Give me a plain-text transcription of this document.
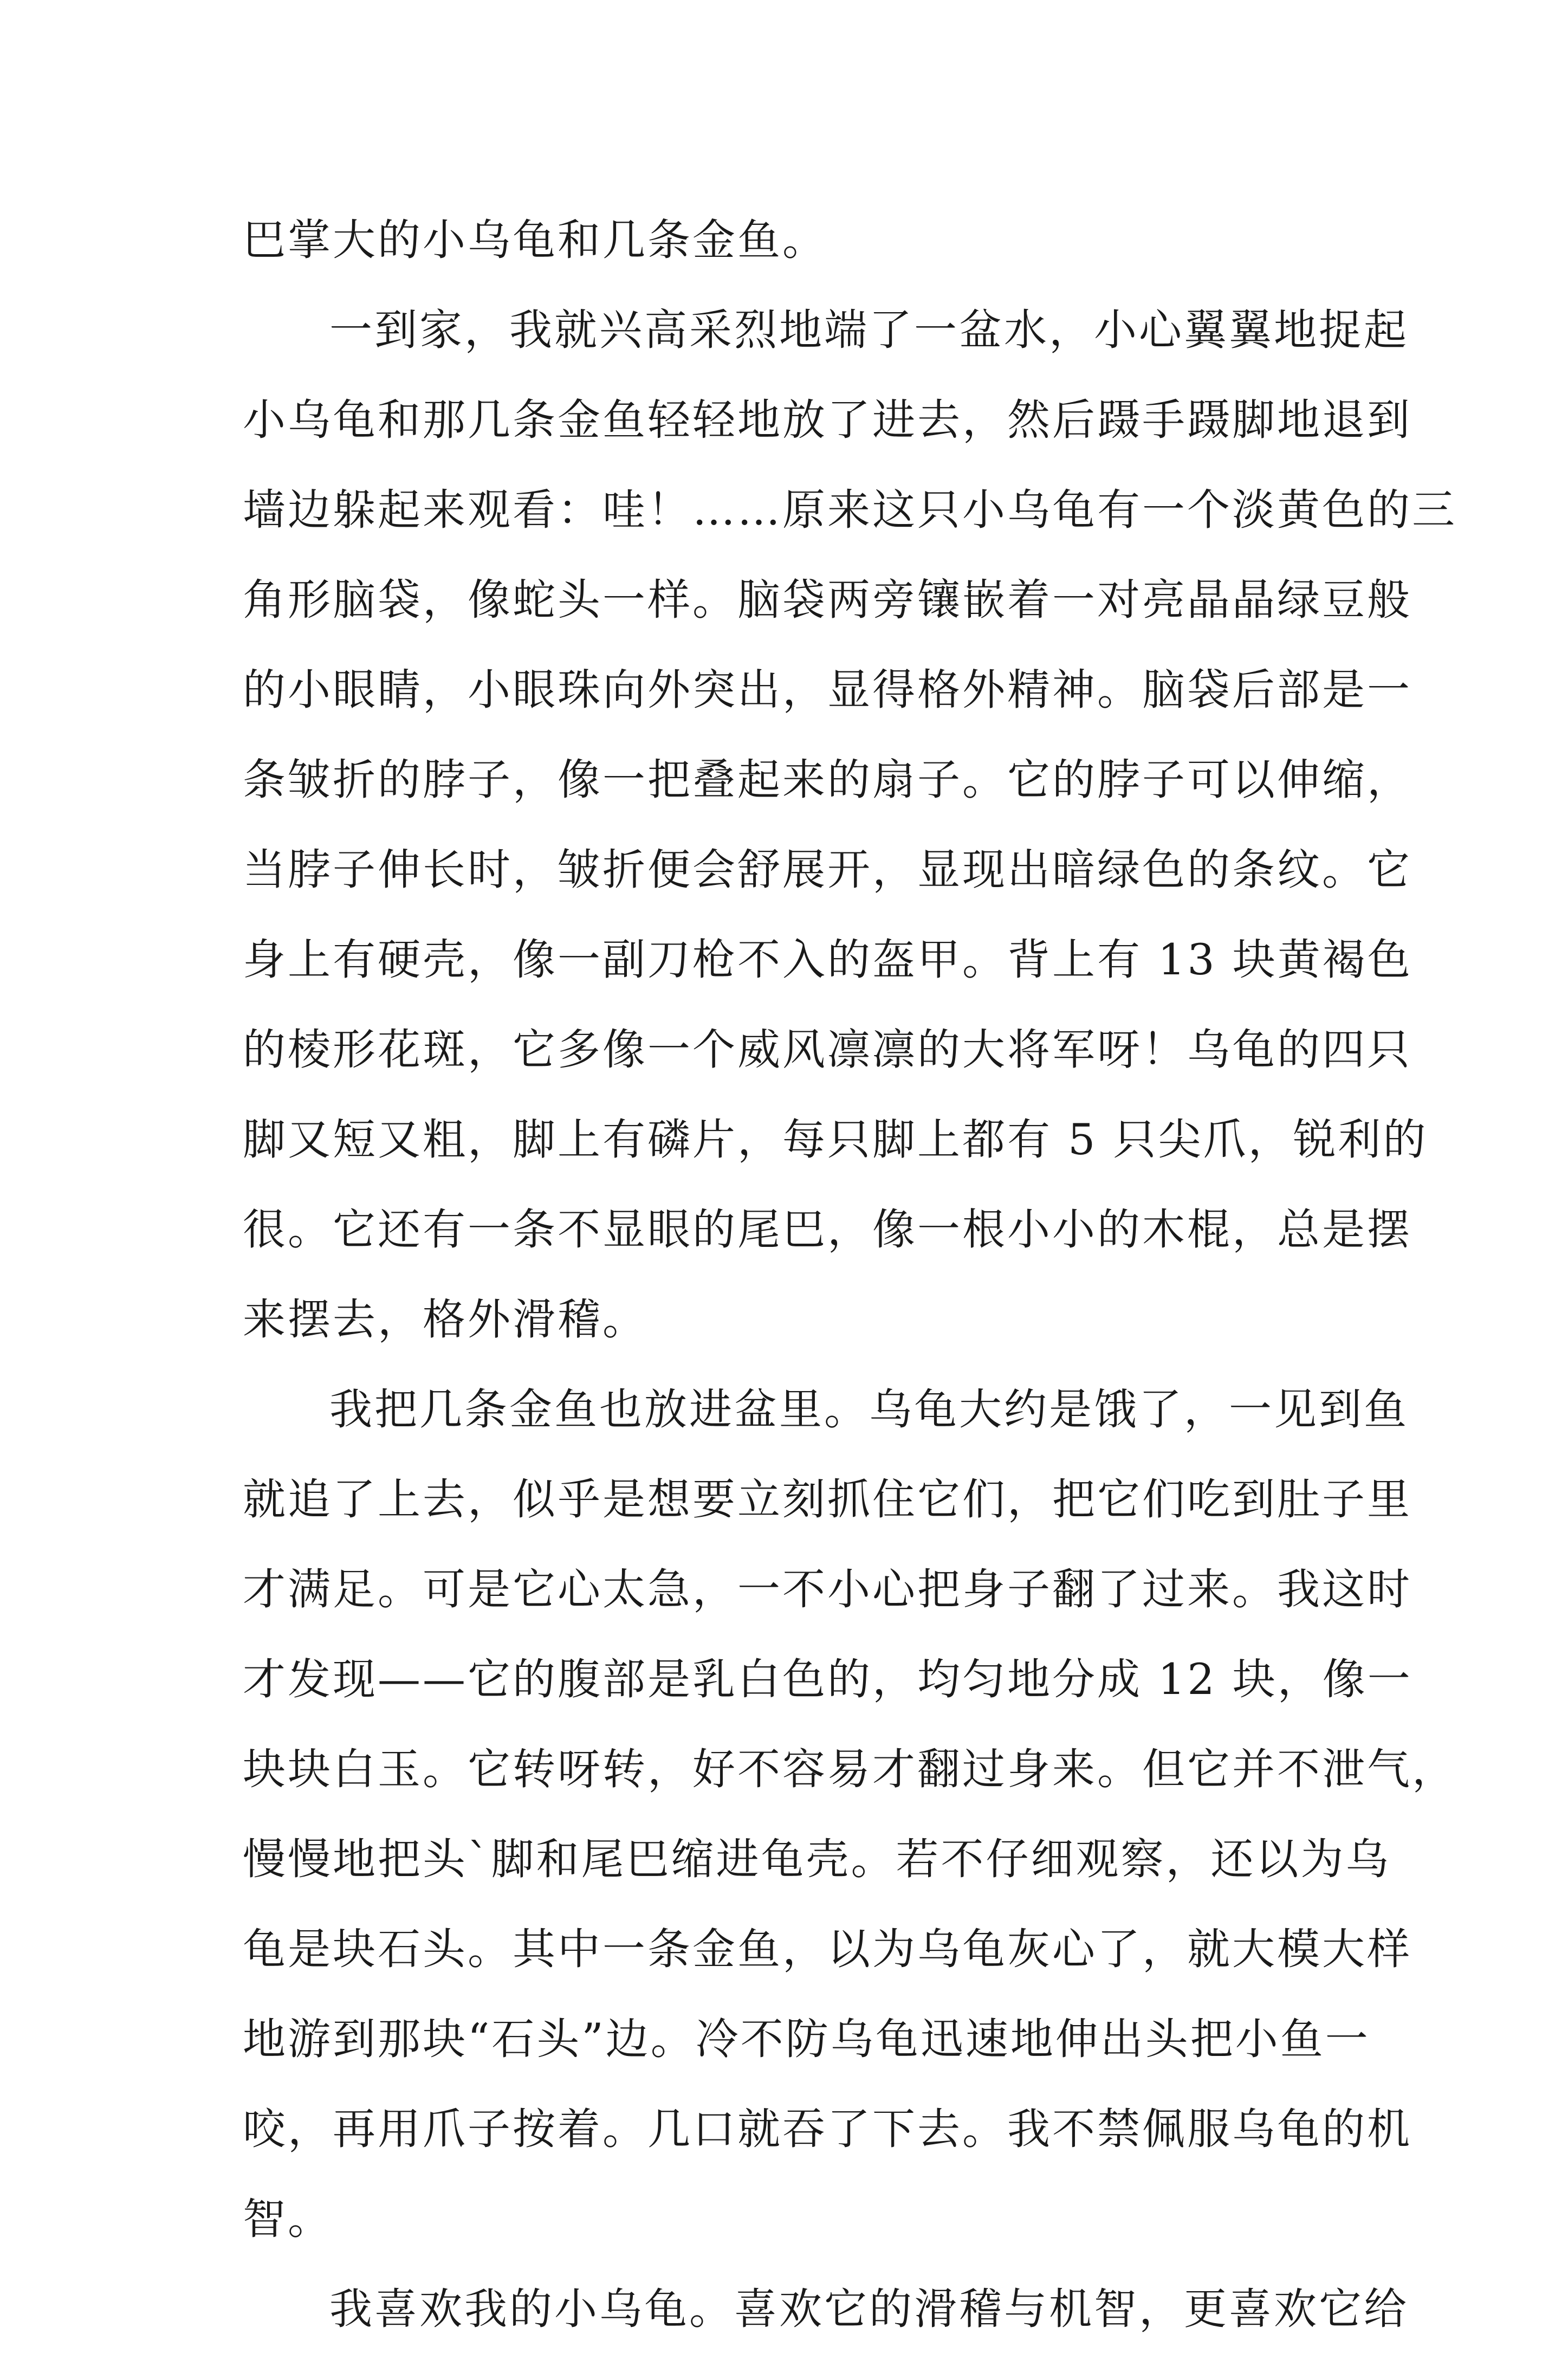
巴掌大的小乌龟和几条金鱼。
一到家，我就兴高采烈地端了一盆水，小心翼翼地捉起
小乌龟和那几条金鱼轻轻地放了进去，然后蹑手蹑脚地退到
墙边躲起来观看：哇！……原来这只小乌龟有一个淡黄色的三
角形脑袋，像蛇头一样。脑袋两旁镶嵌着一对亮晶晶绿豆般
的小眼睛，小眼珠向外突出，显得格外精神。脑袋后部是一
条皱折的脖子，像一把叠起来的扇子。它的脖子可以伸缩，
当脖子伸长时，皱折便会舒展开，显现出暗绿色的条纹。它
身上有硬壳，像一副刀枪不入的盔甲。背上有 13 块黄褐色
的棱形花斑，它多像一个威风凛凛的大将军呀！乌龟的四只
脚又短又粗，脚上有磷片，每只脚上都有 5 只尖爪，锐利的
很。它还有一条不显眼的尾巴，像一根小小的木棍，总是摆
来摆去，格外滑稽。
我把几条金鱼也放进盆里。乌龟大约是饿了，一见到鱼
就追了上去，似乎是想要立刻抓住它们，把它们吃到肚子里
才满足。可是它心太急，一不小心把身子翻了过来。我这时
才发现——它的腹部是乳白色的，均匀地分成 12 块，像一
块块白玉。它转呀转，好不容易才翻过身来。但它并不泄气，
慢慢地把头`脚和尾巴缩进龟壳。若不仔细观察，还以为乌
龟是块石头。其中一条金鱼，以为乌龟灰心了，就大模大样
地游到那块“石头”边。冷不防乌龟迅速地伸出头把小鱼一
咬，再用爪子按着。几口就吞了下去。我不禁佩服乌龟的机
智。
我喜欢我的小乌龟。喜欢它的滑稽与机智，更喜欢它给
